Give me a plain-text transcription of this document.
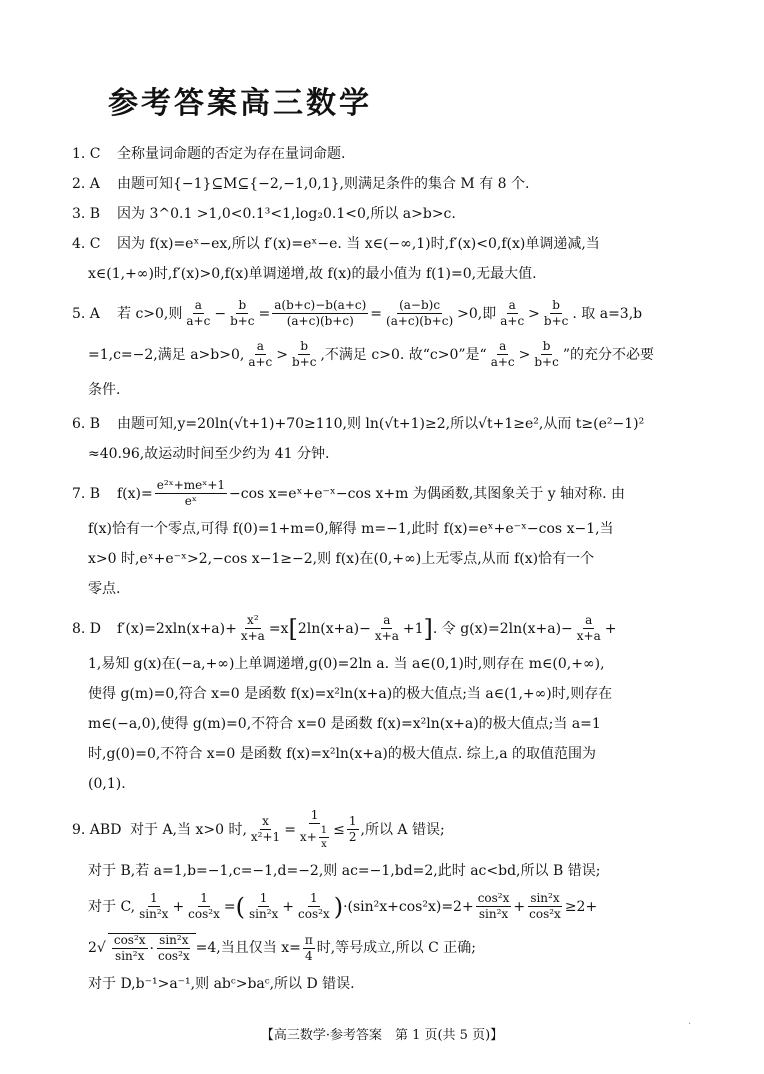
参考答案高三数学
1. C 全称量词命题的否定为存在量词命题.
2. A 由题可知{−1}⊆M⊆{−2,−1,0,1},则满足条件的集合 M 有 8 个.
3. B 因为 3^0.1 >1,0<0.1³<1,log₂0.1<0,所以 a>b>c.
4. C 因为 f(x)=eˣ−ex,所以 f′(x)=eˣ−e. 当 x∈(−∞,1)时,f′(x)<0,f(x)单调递减,当
x∈(1,+∞)时,f′(x)>0,f(x)单调递增,故 f(x)的最小值为 f(1)=0,无最大值.
5. A	若 c>0,则 $\frac{a}{a+c} - \frac{b}{b+c} = \frac{a(b+c)-b(a+c)}{(a+c)(b+c)} = \frac{(a-b)c}{(a+c)(b+c)} >0$,即 $\frac{a}{a+c} > \frac{b}{b+c}$ . 取 a=3,b
=1,c=−2,满足 a>b>0, $\frac{a}{a+c} > \frac{b}{b+c}$ ,不满足 c>0. 故“c>0”是“ $\frac{a}{a+c} > \frac{b}{b+c}$ ”的充分不必要
条件.
6. B 由题可知,y=20ln(√t+1)+70≥110,则 ln(√t+1)≥2,所以√t+1≥e²,从而 t≥(e²−1)²
≈40.96,故运动时间至少约为 41 分钟.
7. B	$f(x)= \frac{\text{e²ˣ+meˣ+1}}{\text{eˣ}} -\cos$ x=eˣ+e⁻ˣ−cos x+m 为偶函数,其图象关于 y 轴对称. 由
f(x)恰有一个零点,可得 f(0)=1+m=0,解得 m=−1,此时 f(x)=eˣ+e⁻ˣ−cos x−1,当
x>0 时,eˣ+e⁻ˣ>2,−cos x−1≥−2,则 f(x)在(0,+∞)上无零点,从而 f(x)恰有一个
零点.
8. D	$f'(x)=2xln(x+a)+ \frac{\text{x²}}{x+a} =x$ [ $2\ln(x+a)- \frac{a}{x+a} +1$ ] . 令 $g(x)=2\ln(x+a)- \frac{a}{x+a}$ +
1,易知 g(x)在(−a,+∞)上单调递增,g(0)=2ln a. 当 a∈(0,1)时,则存在 m∈(0,+∞),
使得 g(m)=0,符合 x=0 是函数 f(x)=x²ln(x+a)的极大值点;当 a∈(1,+∞)时,则存在
m∈(−a,0),使得 g(m)=0,不符合 x=0 是函数 f(x)=x²ln(x+a)的极大值点;当 a=1
时,g(0)=0,不符合 x=0 是函数 f(x)=x²ln(x+a)的极大值点. 综上,a 的取值范围为
(0,1).
9. ABD 对于 A,当 x>0 时, $\frac{x}{\text{x²+1}} = \frac{1}{x+ \frac{1}{x}} \le \frac{1}{2}$ ,所以 A 错误;
对于 B,若 a=1,b=−1,c=−1,d=−2,则 ac=−1,bd=2,此时 ac<bd,所以 B 错误;
对于 C, $\frac{1}{\text{sin²x}} + \frac{1}{\text{cos²x}}$ = ( $\frac{1}{\text{sin²x}} + \frac{1}{\text{cos²x}}$ ) $\cdot(\sin^2x+\cos^2x)=2+ \frac{\text{cos²x}}{\text{sin²x}} + \frac{\text{sin²x}}{\text{cos²x}} \ge 2+$
2 √ $\frac{\text{cos²x}}{\text{sin²x}} \cdot \frac{\text{sin²x}}{\text{cos²x}} =4$,当且仅当 $x= \frac{\pi}{4}$ 时,等号成立,所以 C 正确;
对于 D,b⁻¹>a⁻¹,则 abᶜ>baᶜ,所以 D 错误.
.
【高三数学·参考答案　第 1 页(共 5 页)】
